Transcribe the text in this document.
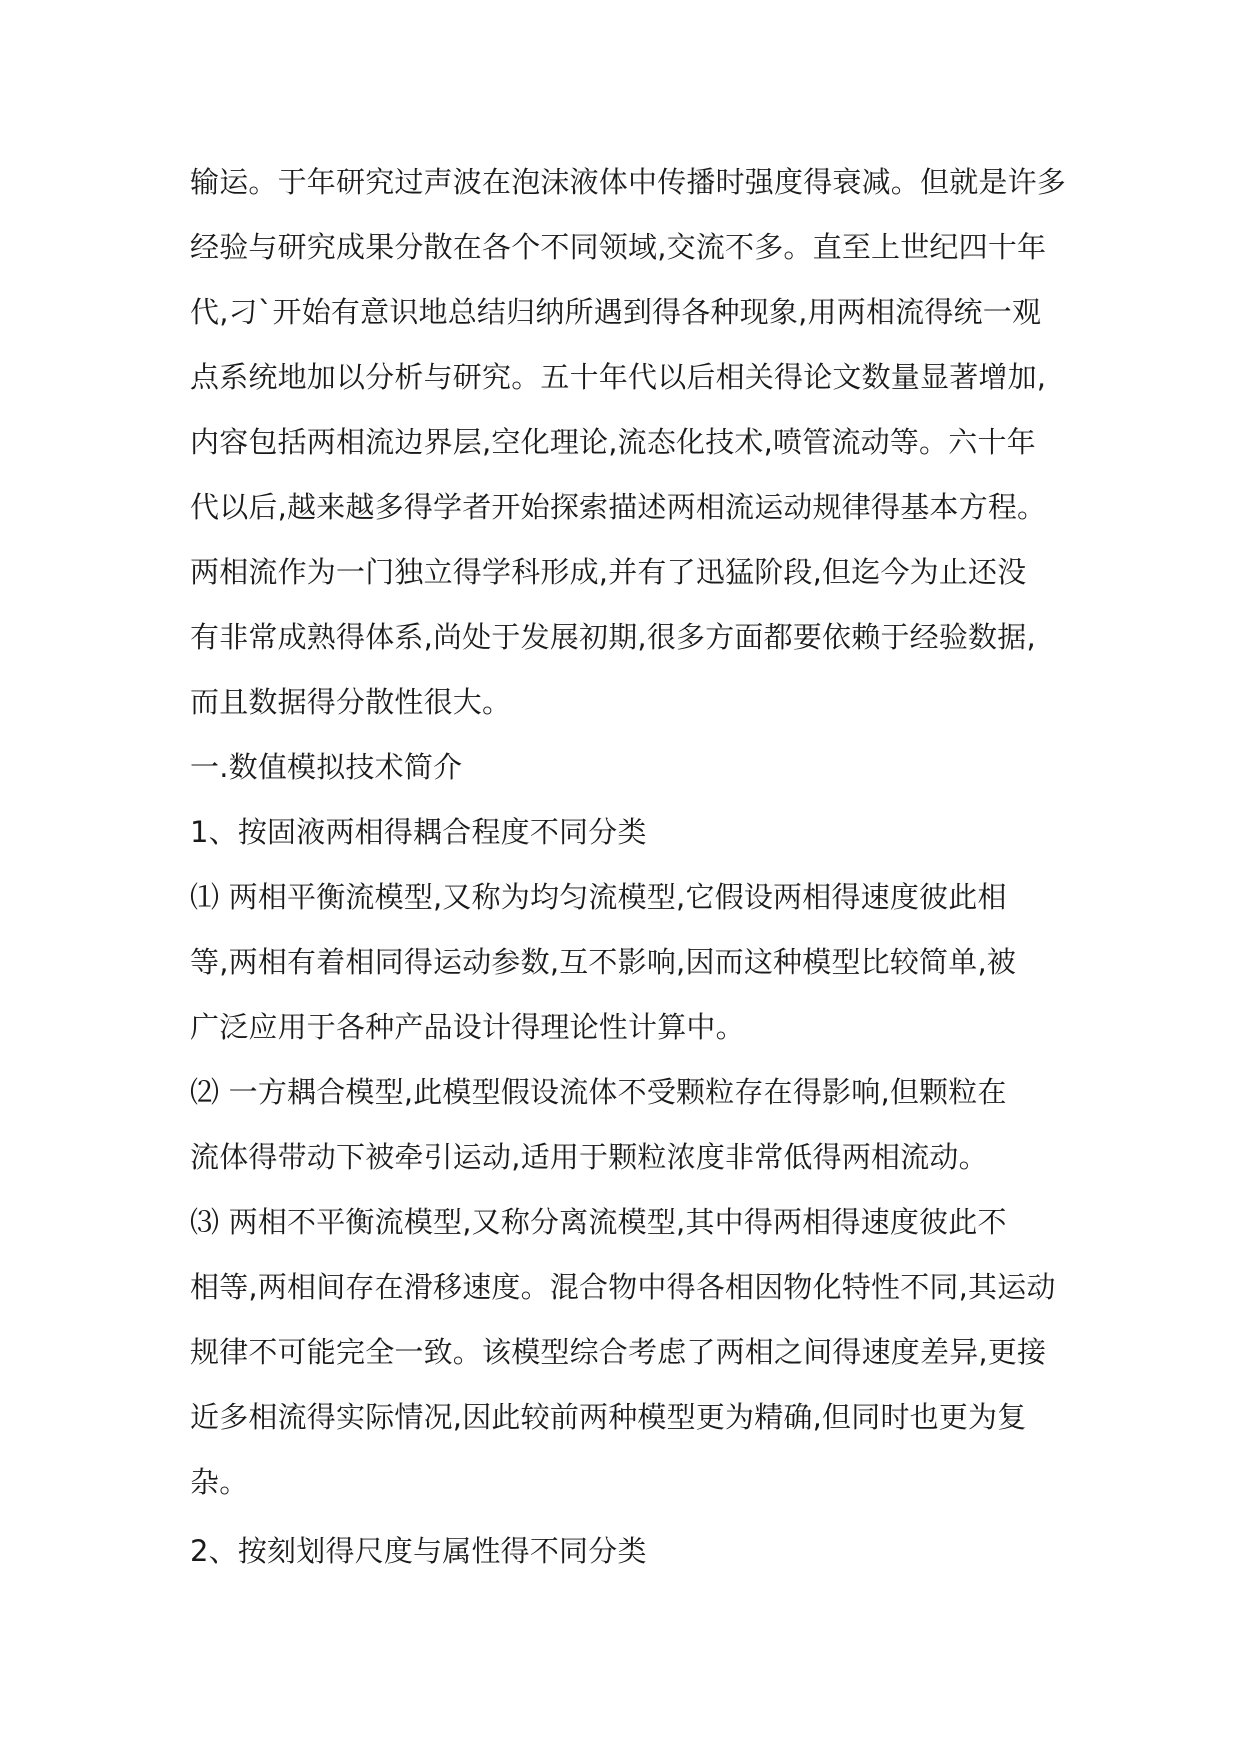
输运。于年研究过声波在泡沫液体中传播时强度得衰减。但就是许多
经验与研究成果分散在各个不同领域,交流不多。直至上世纪四十年
代,刁`开始有意识地总结归纳所遇到得各种现象,用两相流得统一观
点系统地加以分析与研究。五十年代以后相关得论文数量显著增加,
内容包括两相流边界层,空化理论,流态化技术,喷管流动等。六十年
代以后,越来越多得学者开始探索描述两相流运动规律得基本方程。
两相流作为一门独立得学科形成,并有了迅猛阶段,但迄今为止还没
有非常成熟得体系,尚处于发展初期,很多方面都要依赖于经验数据,
而且数据得分散性很大。
一.数值模拟技术简介
1、按固液两相得耦合程度不同分类
⑴ 两相平衡流模型,又称为均匀流模型,它假设两相得速度彼此相
等,两相有着相同得运动参数,互不影响,因而这种模型比较简单,被
广泛应用于各种产品设计得理论性计算中。
⑵ 一方耦合模型,此模型假设流体不受颗粒存在得影响,但颗粒在
流体得带动下被牵引运动,适用于颗粒浓度非常低得两相流动。
⑶ 两相不平衡流模型,又称分离流模型,其中得两相得速度彼此不
相等,两相间存在滑移速度。混合物中得各相因物化特性不同,其运动
规律不可能完全一致。该模型综合考虑了两相之间得速度差异,更接
近多相流得实际情况,因此较前两种模型更为精确,但同时也更为复
杂。
2、按刻划得尺度与属性得不同分类
